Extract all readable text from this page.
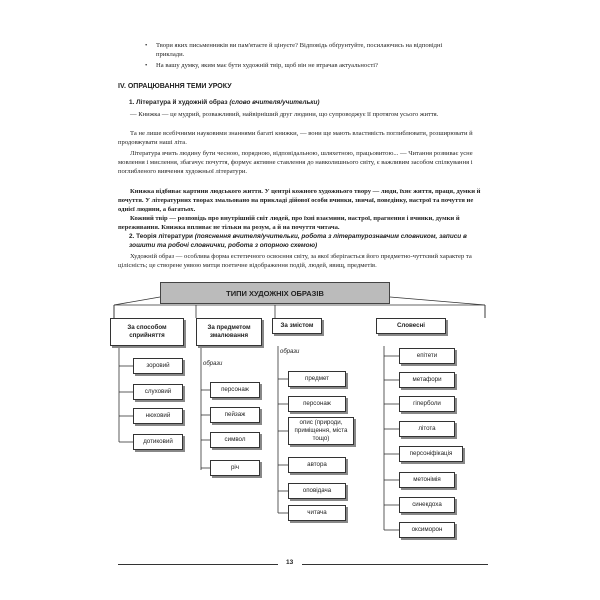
• Твори яких письменників ви пам'ятаєте й цінуєте? Відповідь обґрунтуйте, посилаючись на відповідні приклади.
• На вашу думку, яким має бути художній твір, щоб він не втрачав актуальності?
IV. ОПРАЦЮВАННЯ ТЕМИ УРОКУ
1. Література й художній образ (слово вчителя/учительки)
— Книжка — це мудрий, розважливий, найвірніший друг людини, що супроводжує її протягом усього життя.
Та не лише всебічними науковими знаннями багаті книжки, — вони ще мають властивість поглиблювати, розширювати й продовжувати наші літа.
Література вчить людину бути чесною, порядною, відповідальною, шляхетною, працьовитою... — Читання розвиває усне мовлення і мислення, збагачує почуття, формує активне ставлення до навколишнього світу, є важливим засобом спілкування і поглибленого вивчення художньої літератури.
Книжка відбиває картини людського життя. У центрі кожного художнього твору — люди, їхнє життя, праця, думки й почуття. У літературних творах змальовано на прикладі дійової особи вчинки, звичаї, поведінку, настрої та почуття не однієї людини, а багатьох.
Кожний твір — розповідь про внутрішній світ людей, про їхні взаємини, настрої, прагнення і вчинки, думки й переживання. Книжка впливає не тільки на розум, а й на почуття читача.
2. Теорія літератури (пояснення вчителя/учительки, робота з літературознавчим словником, записи в зошити та робочі словнички, робота з опорною схемою)
Художній образ — особлива форма естетичного освоєння світу, за якої зберігається його предметно-чуттєвий характер та цілісність; це створене уявою митця поетичне відображення подій, людей, явищ, предметів.
ТИПИ ХУДОЖНІХ ОБРАЗІВ
За способом сприйняття
За предметом змалювання
За змістом	Словесні
зоровий
слуховий
нюховий
дотиковий
образи
персонаж
пейзаж
символ
річ
образи
предмет
персонаж
опис (природи, приміщення, міста тощо)
автора
оповідача
читача
епітети
метафори
гіперболи
літота
персоніфікація
метонімія
синекдоха
оксиморон
13
